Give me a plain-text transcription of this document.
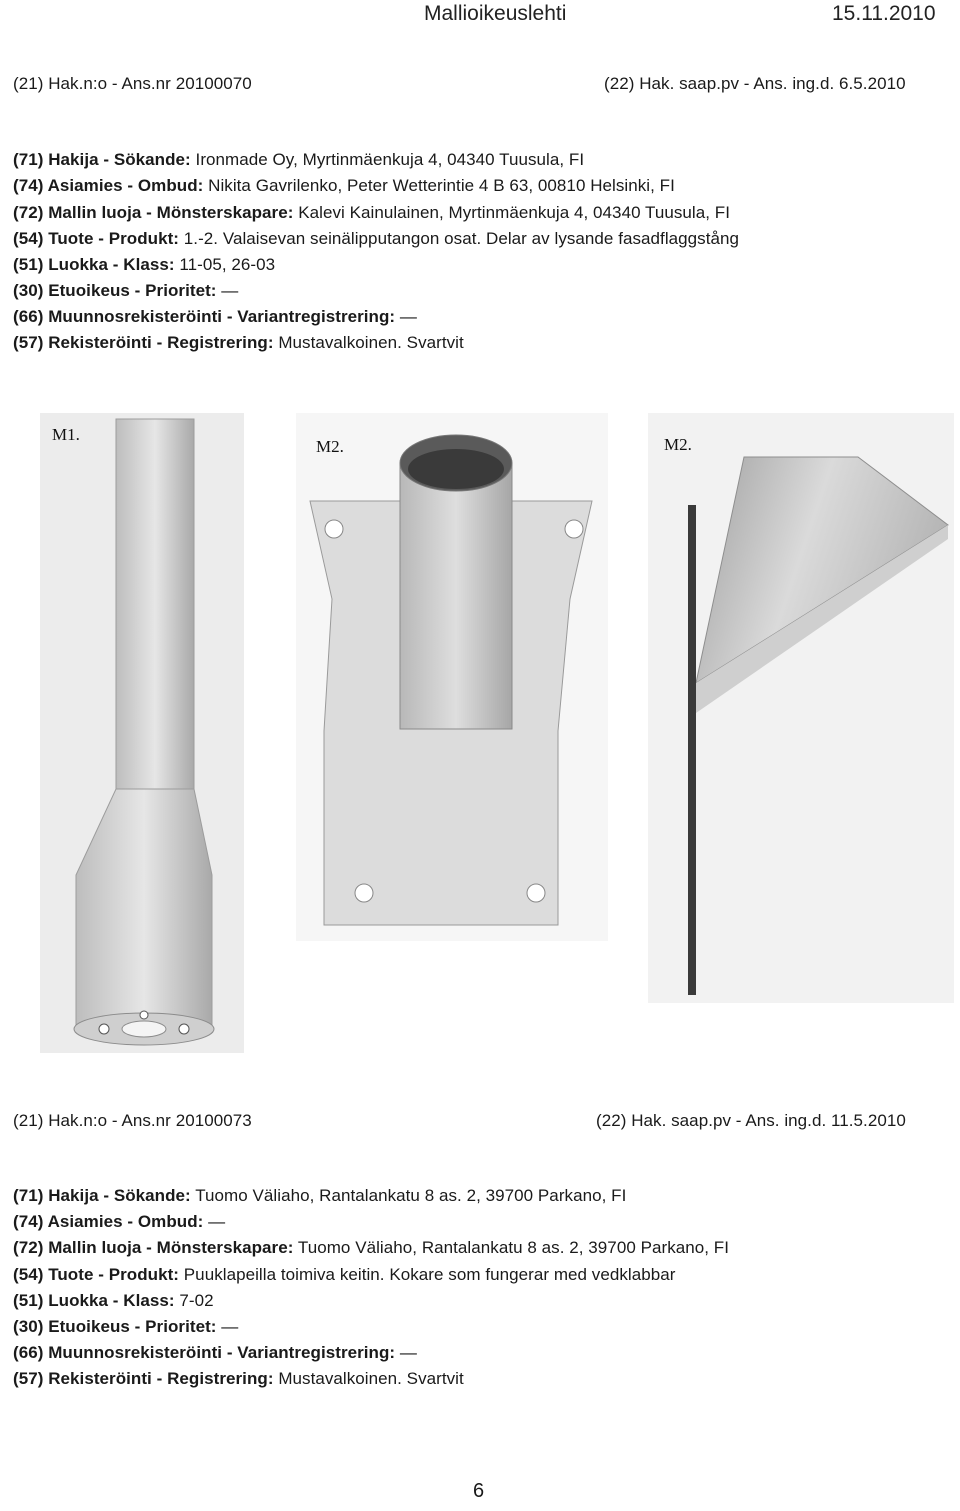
Mallioikeuslehti	15.11.2010
(21) Hak.n:o - Ans.nr 20100070	(22) Hak. saap.pv - Ans. ing.d. 6.5.2010
(71) Hakija - Sökande: Ironmade Oy, Myrtinmäenkuja 4, 04340 Tuusula, FI
(74) Asiamies - Ombud: Nikita Gavrilenko, Peter Wetterintie 4 B 63, 00810 Helsinki, FI
(72) Mallin luoja - Mönsterskapare: Kalevi Kainulainen, Myrtinmäenkuja 4, 04340 Tuusula, FI
(54) Tuote - Produkt: 1.-2. Valaisevan seinälipputangon osat. Delar av lysande fasadflaggstång
(51) Luokka - Klass: 11-05, 26-03
(30) Etuoikeus - Prioritet: —
(66) Muunnosrekisteröinti - Variantregistrering: —
(57) Rekisteröinti - Registrering: Mustavalkoinen. Svartvit
M1.
M2.	M2.
(21) Hak.n:o - Ans.nr 20100073	(22) Hak. saap.pv - Ans. ing.d. 11.5.2010
(71) Hakija - Sökande: Tuomo Väliaho, Rantalankatu 8 as. 2, 39700 Parkano, FI
(74) Asiamies - Ombud: —
(72) Mallin luoja - Mönsterskapare: Tuomo Väliaho, Rantalankatu 8 as. 2, 39700 Parkano, FI
(54) Tuote - Produkt: Puuklapeilla toimiva keitin. Kokare som fungerar med vedklabbar
(51) Luokka - Klass: 7-02
(30) Etuoikeus - Prioritet: —
(66) Muunnosrekisteröinti - Variantregistrering: —
(57) Rekisteröinti - Registrering: Mustavalkoinen. Svartvit
6
